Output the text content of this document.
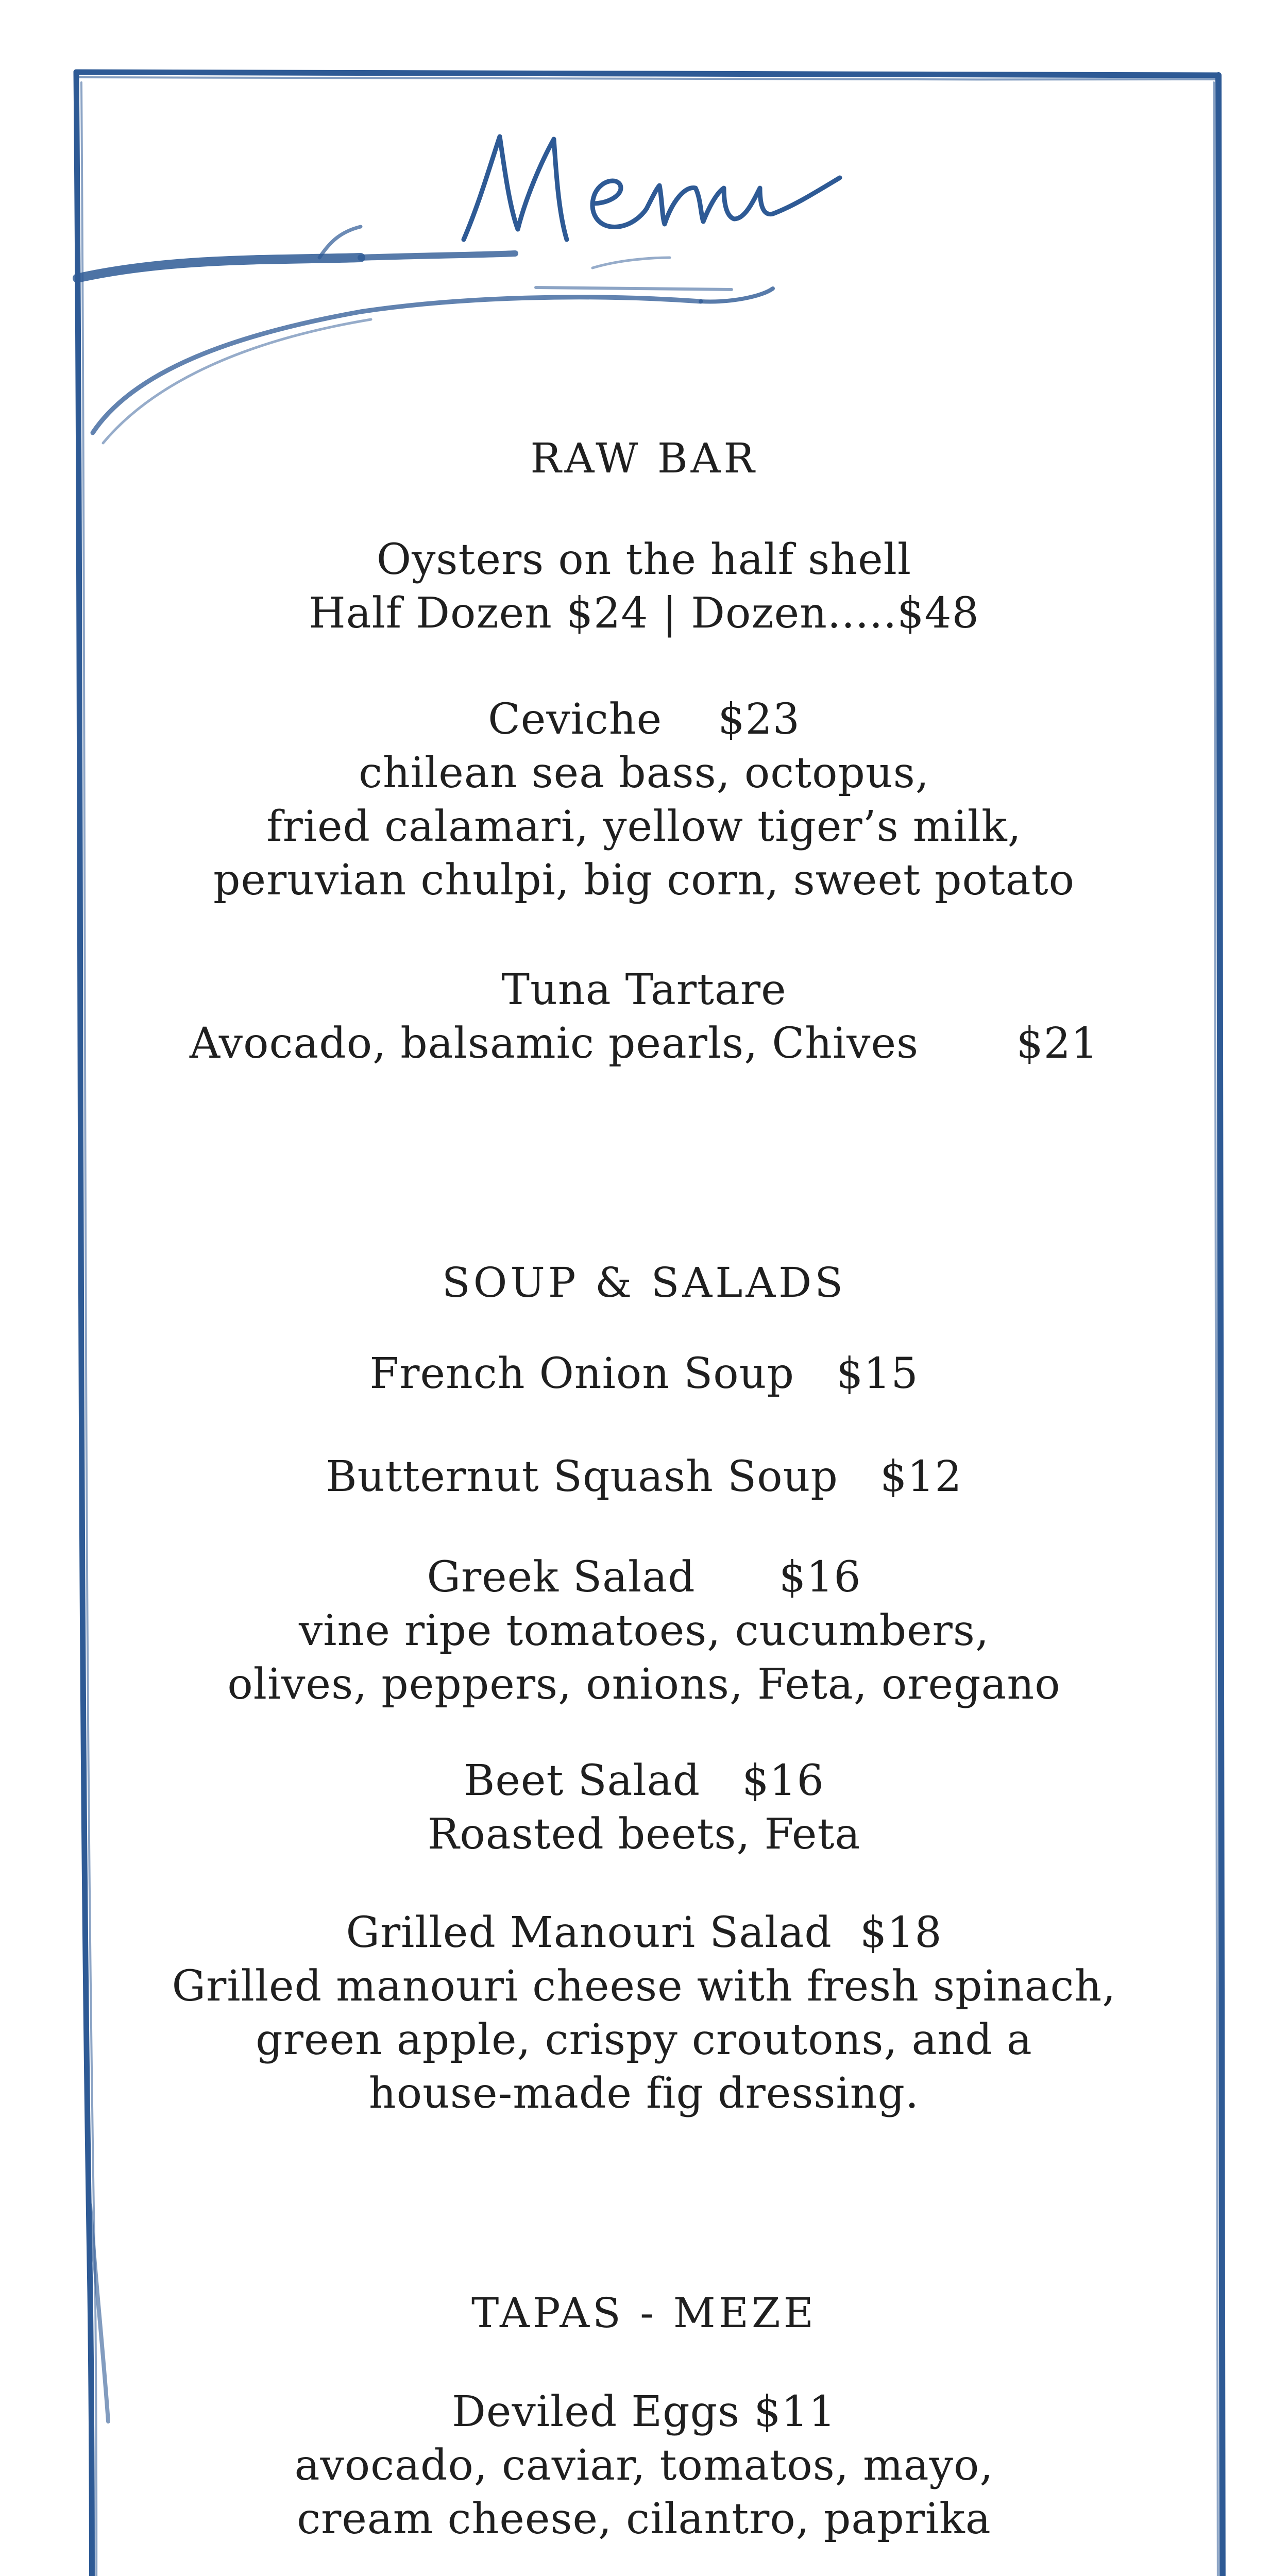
RAW BAR
Oysters on the half shell
Half Dozen $24 | Dozen.....$48
Ceviche $23
chilean sea bass, octopus,
fried calamari, yellow tiger’s milk,
peruvian chulpi, big corn, sweet potato
Tuna Tartare
Avocado, balsamic pearls, Chives $21
SOUP & SALADS
French Onion Soup $15
Butternut Squash Soup $12
Greek Salad $16
vine ripe tomatoes, cucumbers,
olives, peppers, onions, Feta, oregano
Beet Salad $16
Roasted beets, Feta
Grilled Manouri Salad $18
Grilled manouri cheese with fresh spinach,
green apple, crispy croutons, and a
house-made fig dressing.
TAPAS - MEZE
Deviled Eggs $11
avocado, caviar, tomatos, mayo,
cream cheese, cilantro, paprika
